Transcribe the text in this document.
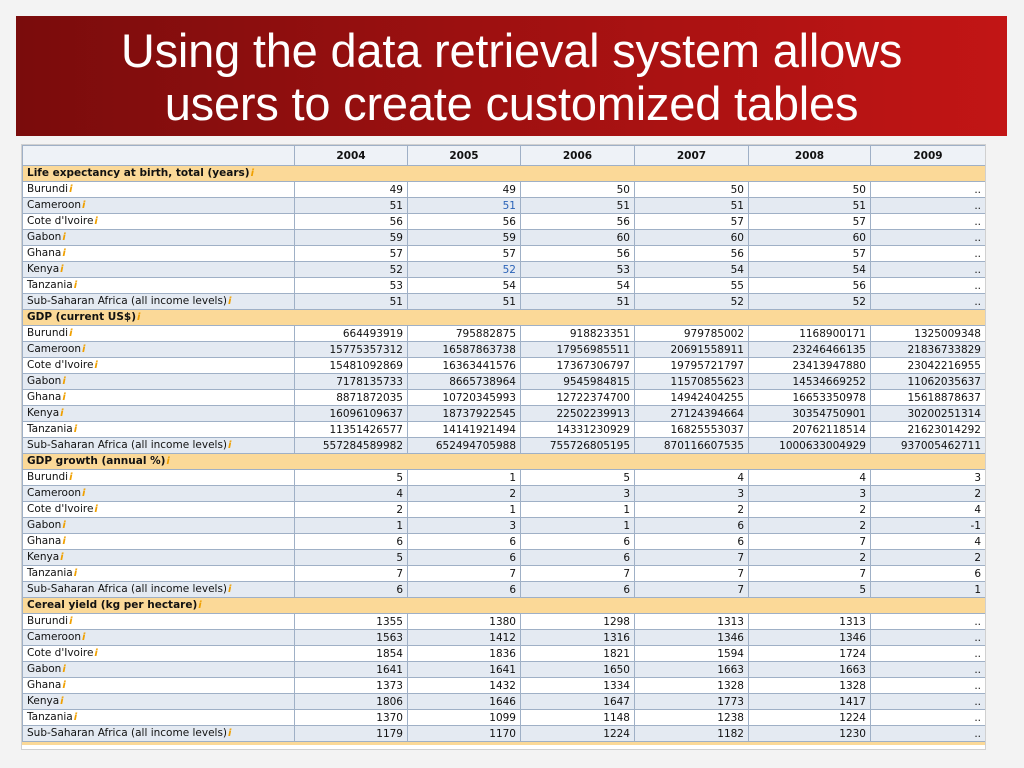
Using the data retrieval system allows
users to create customized tables
	2004	2005	2006	2007	2008	2009
Life expectancy at birth, total (years)i						
Burundii	49	49	50	50	50	..
Camerooni	51	51	51	51	51	..
Cote d'Ivoirei	56	56	56	57	57	..
Gaboni	59	59	60	60	60	..
Ghanai	57	57	56	56	57	..
Kenyai	52	52	53	54	54	..
Tanzaniai	53	54	54	55	56	..
Sub-Saharan Africa (all income levels)i	51	51	51	52	52	..
GDP (current US$)i						
Burundii	664493919	795882875	918823351	979785002	1168900171	1325009348
Camerooni	15775357312	16587863738	17956985511	20691558911	23246466135	21836733829
Cote d'Ivoirei	15481092869	16363441576	17367306797	19795721797	23413947880	23042216955
Gaboni	7178135733	8665738964	9545984815	11570855623	14534669252	11062035637
Ghanai	8871872035	10720345993	12722374700	14942404255	16653350978	15618878637
Kenyai	16096109637	18737922545	22502239913	27124394664	30354750901	30200251314
Tanzaniai	11351426577	14141921494	14331230929	16825553037	20762118514	21623014292
Sub-Saharan Africa (all income levels)i	557284589982	652494705988	755726805195	870116607535	1000633004929	937005462711
GDP growth (annual %)i						
Burundii	5	1	5	4	4	3
Camerooni	4	2	3	3	3	2
Cote d'Ivoirei	2	1	1	2	2	4
Gaboni	1	3	1	6	2	-1
Ghanai	6	6	6	6	7	4
Kenyai	5	6	6	7	2	2
Tanzaniai	7	7	7	7	7	6
Sub-Saharan Africa (all income levels)i	6	6	6	7	5	1
Cereal yield (kg per hectare)i						
Burundii	1355	1380	1298	1313	1313	..
Camerooni	1563	1412	1316	1346	1346	..
Cote d'Ivoirei	1854	1836	1821	1594	1724	..
Gaboni	1641	1641	1650	1663	1663	..
Ghanai	1373	1432	1334	1328	1328	..
Kenyai	1806	1646	1647	1773	1417	..
Tanzaniai	1370	1099	1148	1238	1224	..
Sub-Saharan Africa (all income levels)i	1179	1170	1224	1182	1230	..
